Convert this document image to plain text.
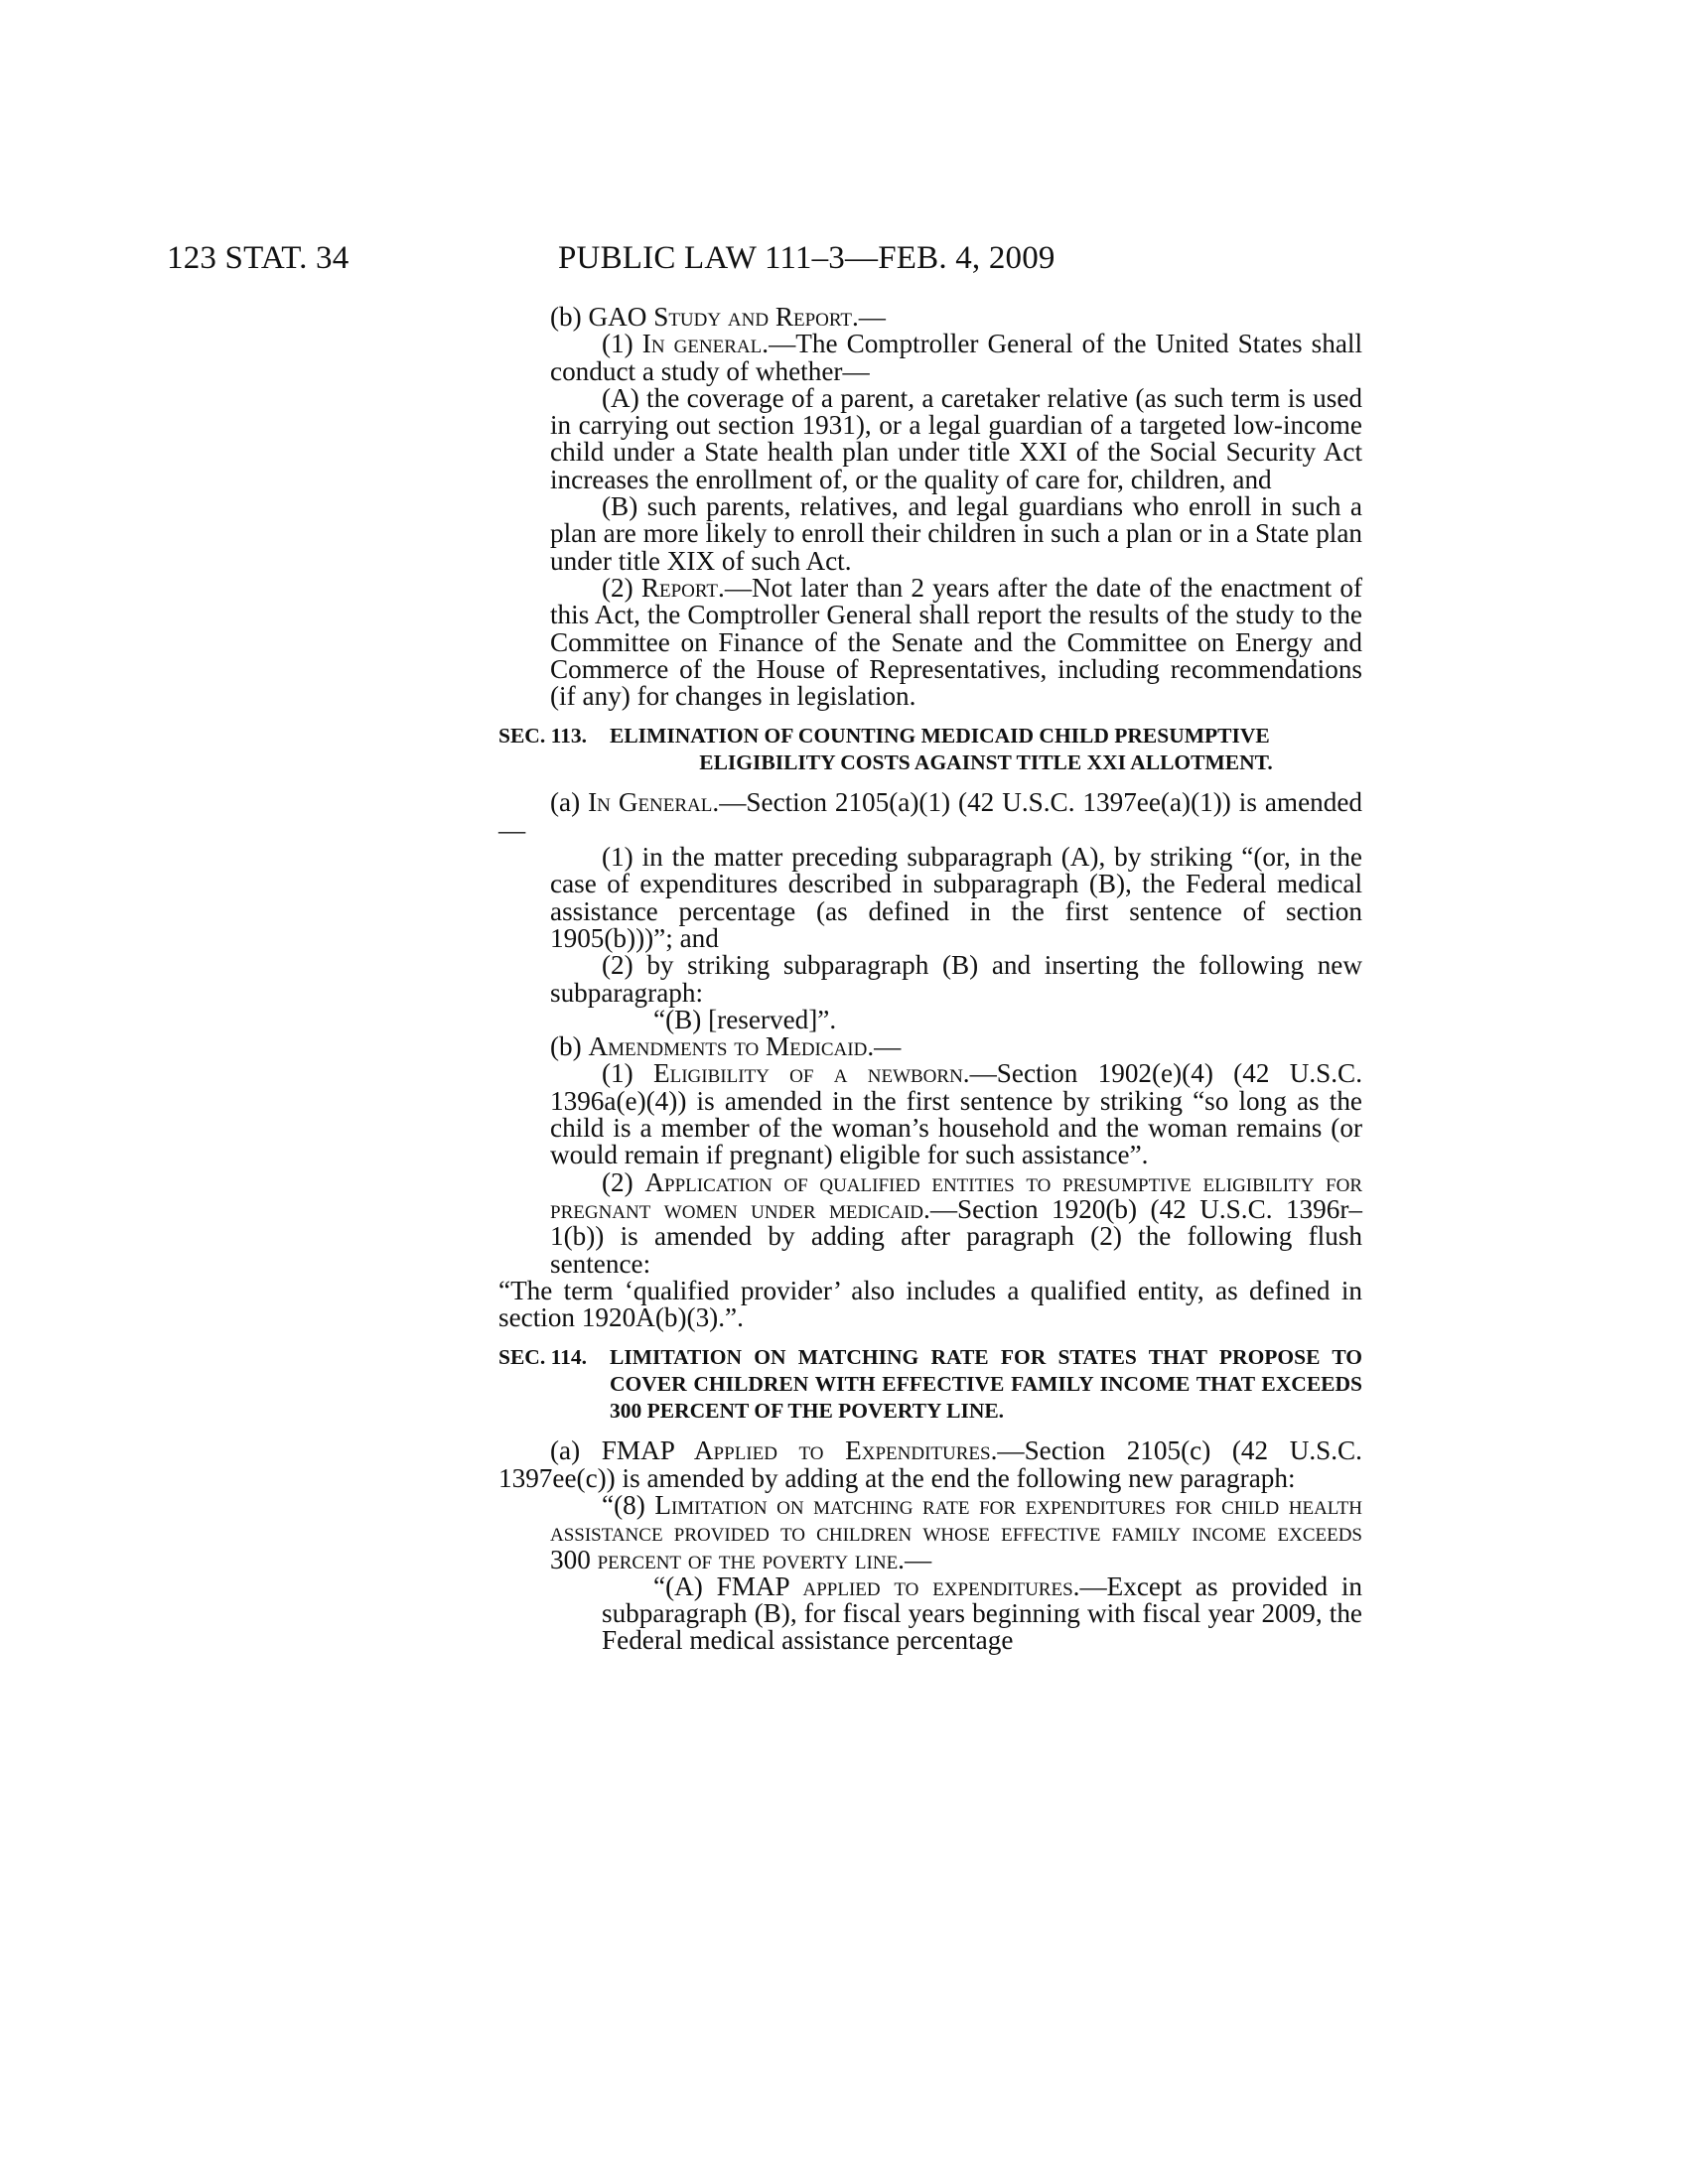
123 STAT. 34	PUBLIC LAW 111–3—FEB. 4, 2009

(b) GAO Study and Report.—

(1) In general.—The Comptroller General of the United States shall conduct a study of whether—

(A) the coverage of a parent, a caretaker relative (as such term is used in carrying out section 1931), or a legal guardian of a targeted low-income child under a State health plan under title XXI of the Social Security Act increases the enrollment of, or the quality of care for, children, and

(B) such parents, relatives, and legal guardians who enroll in such a plan are more likely to enroll their children in such a plan or in a State plan under title XIX of such Act.

(2) Report.—Not later than 2 years after the date of the enactment of this Act, the Comptroller General shall report the results of the study to the Committee on Finance of the Senate and the Committee on Energy and Commerce of the House of Representatives, including recommendations (if any) for changes in legislation.

SEC. 113.	ELIMINATION OF COUNTING MEDICAID CHILD PRESUMPTIVE
ELIGIBILITY COSTS AGAINST TITLE XXI ALLOTMENT.

(a) In General.—Section 2105(a)(1) (42 U.S.C. 1397ee(a)(1)) is amended—

(1) in the matter preceding subparagraph (A), by striking “(or, in the case of expenditures described in subparagraph (B), the Federal medical assistance percentage (as defined in the first sentence of section 1905(b)))”; and

(2) by striking subparagraph (B) and inserting the following new subparagraph:

“(B) [reserved]”.

(b) Amendments to Medicaid.—

(1) Eligibility of a newborn.—Section 1902(e)(4) (42 U.S.C. 1396a(e)(4)) is amended in the first sentence by striking “so long as the child is a member of the woman’s household and the woman remains (or would remain if pregnant) eligible for such assistance”.

(2) Application of qualified entities to presumptive eligibility for pregnant women under medicaid.—Section 1920(b) (42 U.S.C. 1396r–1(b)) is amended by adding after paragraph (2) the following flush sentence:

“The term ‘qualified provider’ also includes a qualified entity, as defined in section 1920A(b)(3).”.

SEC. 114.	LIMITATION ON MATCHING RATE FOR STATES THAT PROPOSE TO COVER CHILDREN WITH EFFECTIVE FAMILY INCOME THAT EXCEEDS 300 PERCENT OF THE POVERTY LINE.

(a) FMAP Applied to Expenditures.—Section 2105(c) (42 U.S.C. 1397ee(c)) is amended by adding at the end the following new paragraph:

“(8) Limitation on matching rate for expenditures for child health assistance provided to children whose effective family income exceeds 300 percent of the poverty line.—

“(A) FMAP applied to expenditures.—Except as provided in subparagraph (B), for fiscal years beginning with fiscal year 2009, the Federal medical assistance percentage
